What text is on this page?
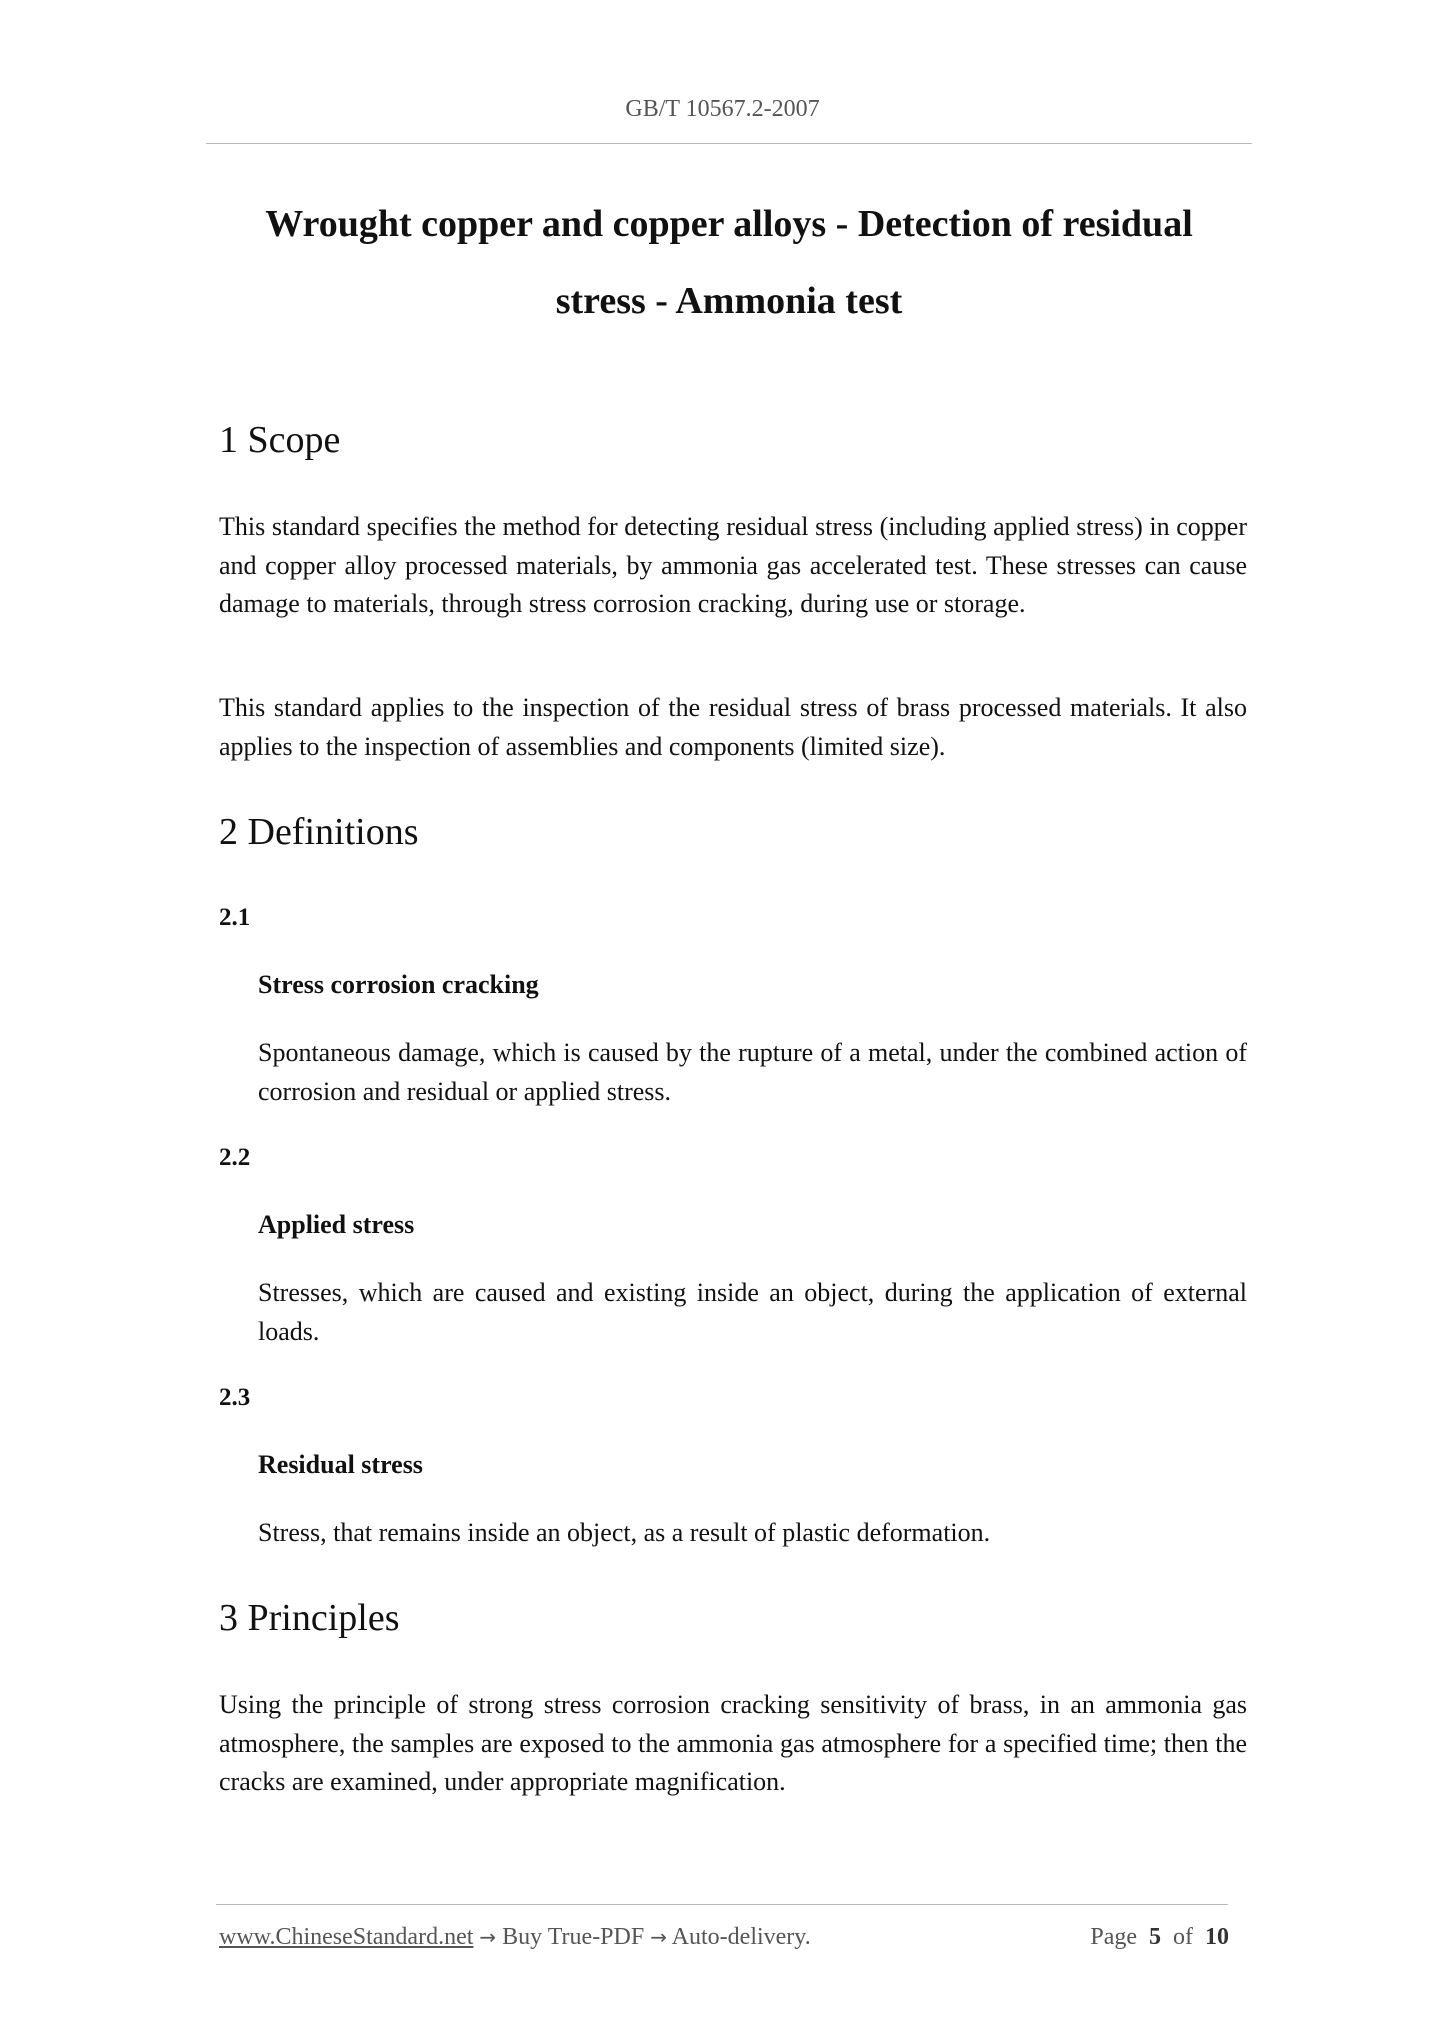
GB/T 10567.2-2007
Wrought copper and copper alloys - Detection of residual
stress - Ammonia test
1 Scope

This standard specifies the method for detecting residual stress (including applied stress) in copper and copper alloy processed materials, by ammonia gas accelerated test. These stresses can cause damage to materials, through stress corrosion cracking, during use or storage.

This standard applies to the inspection of the residual stress of brass processed materials. It also applies to the inspection of assemblies and components (limited size).

2 Definitions

2.1

Stress corrosion cracking

Spontaneous damage, which is caused by the rupture of a metal, under the combined action of corrosion and residual or applied stress.

2.2

Applied stress

Stresses, which are caused and existing inside an object, during the application of external loads.

2.3

Residual stress

Stress, that remains inside an object, as a result of plastic deformation.

3 Principles

Using the principle of strong stress corrosion cracking sensitivity of brass, in an ammonia gas atmosphere, the samples are exposed to the ammonia gas atmosphere for a specified time; then the cracks are examined, under appropriate magnification.

www.ChineseStandard.net → Buy True-PDF → Auto-delivery.	Page 5 of 10
